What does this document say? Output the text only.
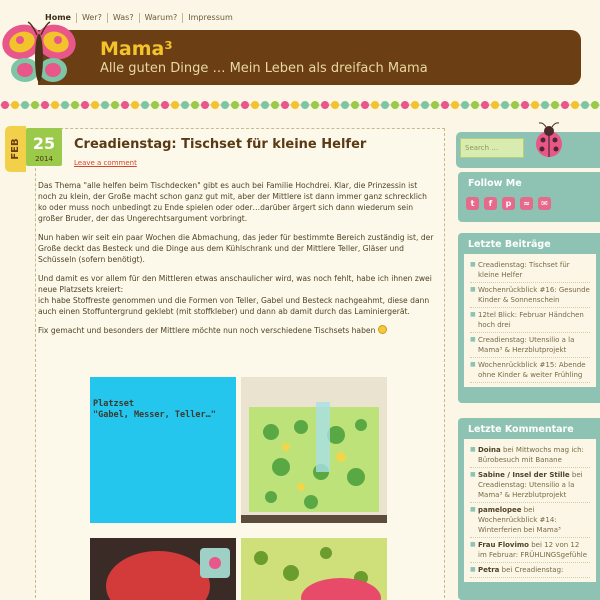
Home	Wer?	Was?	Warum?	Impressum
Mama³
Alle guten Dinge … Mein Leben als dreifach Mama
FEB 25
2014
Creadienstag: Tischset für kleine Helfer
Leave a comment

Das Thema "alle helfen beim Tischdecken" gibt es auch bei Familie Hochdrei. Klar, die Prinzessin ist noch zu klein, der Große macht schon ganz gut mit, aber der Mittlere ist dann immer ganz schrecklich ko oder muss noch unbedingt zu Ende spielen oder oder…darüber ärgert sich dann wiederum sein großer Bruder, der das Ungerechtsargument vorbringt.

Nun haben wir seit ein paar Wochen die Abmachung, das jeder für bestimmte Bereich zuständig ist, der Große deckt das Besteck und die Dinge aus dem Kühlschrank und der Mittlere Teller, Gläser und Schüsseln (sofern benötigt).

Und damit es vor allem für den Mittleren etwas anschaulicher wird, was noch fehlt, habe ich ihnen zwei neue Platzsets kreiert:
ich habe Stoffreste genommen und die Formen von Teller, Gabel und Besteck nachgeahmt, diese dann auch einen Stoffuntergrund geklebt (mit stoffkleber) und dann ab damit durch das Laminiergerät.

Fix gemacht und besonders der Mittlere möchte nun noch verschiedene Tischsets haben

Platzset
"Gabel, Messer, Teller…"
Search …
Follow Me
t	f	p	≈	✉
Letzte Beiträge
■ Creadienstag: Tischset für kleine Helfer
■ Wochenrückblick #16: Gesunde Kinder & Sonnenschein
■ 12tel Blick: Februar Händchen hoch drei
■ Creadienstag: Utensilio a la Mama³ & Herzblutprojekt
■ Wochenrückblick #15: Abende ohne Kinder & weiter Frühling
Letzte Kommentare
■ Doina bei Mittwochs mag ich: Bürobesuch mit Banane
■ Sabine / Insel der Stille bei Creadienstag: Utensilio a la Mama³ & Herzblutprojekt
■ pamelopee bei Wochenrückblick #14: Winterferien bei Mama³
■ Frau Flovimo bei 12 von 12 im Februar: FRÜHLINGSgefühle
■ Petra bei Creadienstag:
